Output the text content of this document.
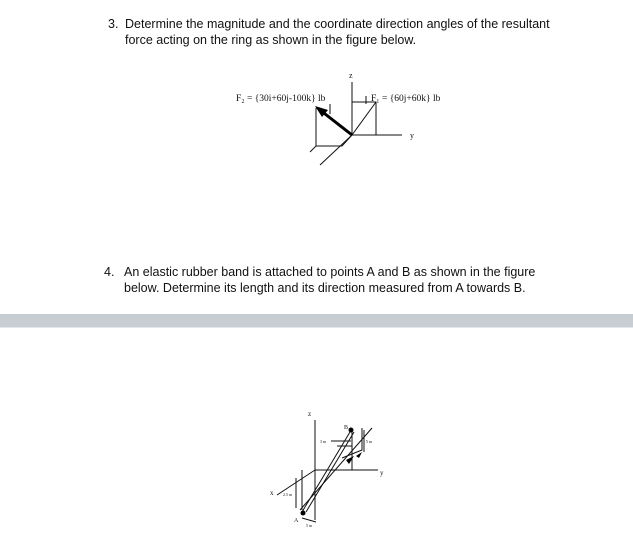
3. Determine the magnitude and the coordinate direction angles of the resultant
force acting on the ring as shown in the figure below.
F₂ = {30i+60j-100k} lb	F₁ = {60j+60k} lb
z
y
4. An elastic rubber band is attached to points A and B as shown in the figure
below. Determine its length and its direction measured from A towards B.
z
x
y
B
A
3 m	5 m
2.5 m
5 m
